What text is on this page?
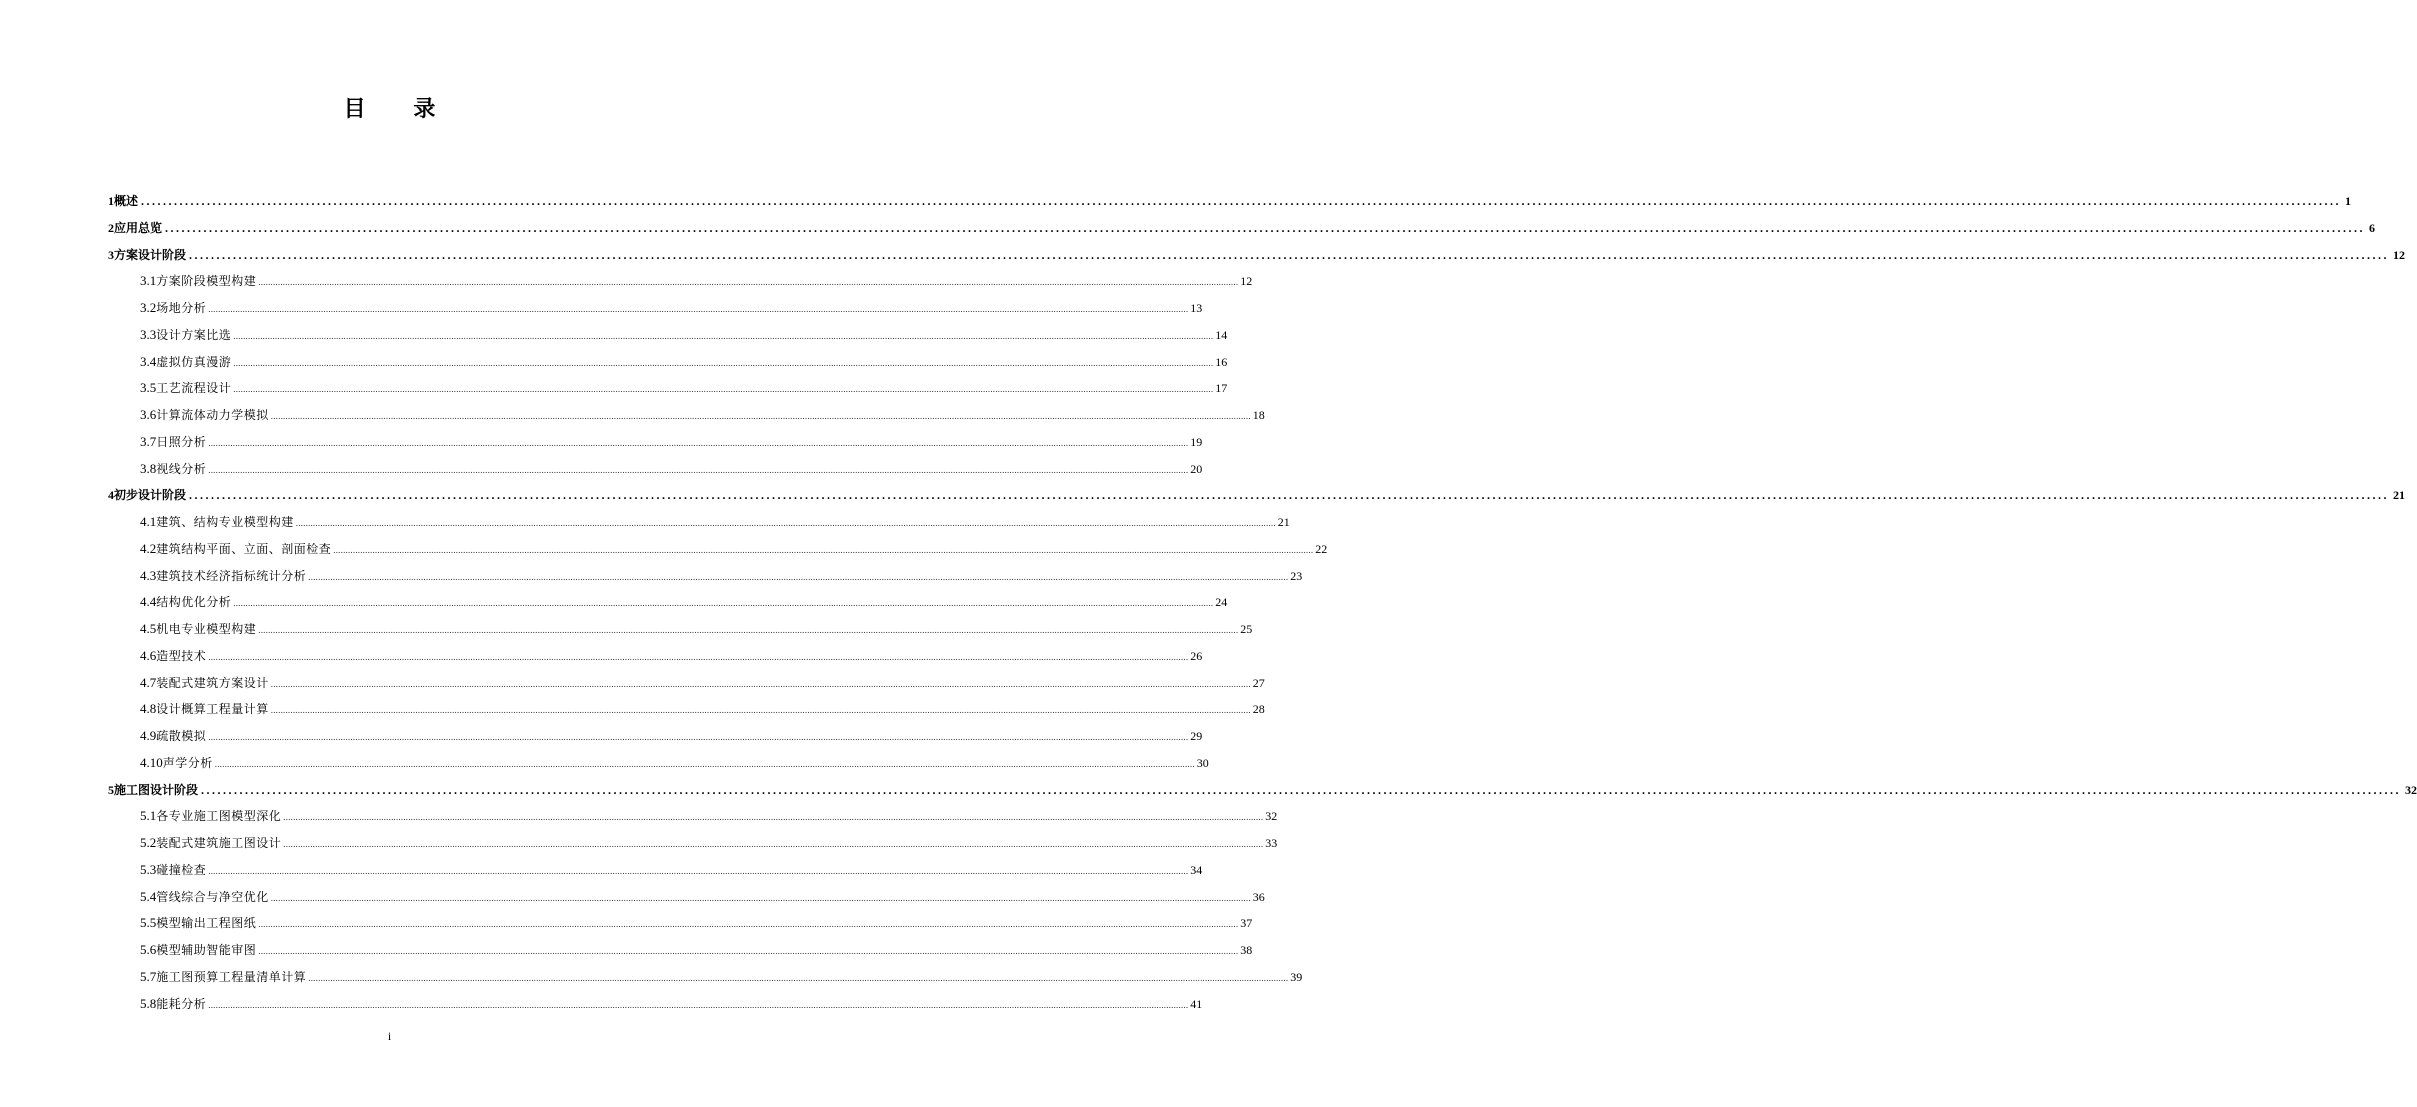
目 录
1 概述 ................................................................................................................................................................................................................................................................................................................................................................................................................ 1
2 应用总览 ................................................................................................................................................................................................................................................................................................................................................................................................................ 6
3 方案设计阶段 ................................................................................................................................................................................................................................................................................................................................................................................................................ 12
3.1 方案阶段模型构建 ................................................................................................................................................................................................................................................................................................................................................................................................................ 12
3.2 场地分析 ................................................................................................................................................................................................................................................................................................................................................................................................................ 13
3.3 设计方案比选 ................................................................................................................................................................................................................................................................................................................................................................................................................ 14
3.4 虚拟仿真漫游 ................................................................................................................................................................................................................................................................................................................................................................................................................ 16
3.5 工艺流程设计 ................................................................................................................................................................................................................................................................................................................................................................................................................ 17
3.6 计算流体动力学模拟 ................................................................................................................................................................................................................................................................................................................................................................................................................ 18
3.7 日照分析 ................................................................................................................................................................................................................................................................................................................................................................................................................ 19
3.8 视线分析 ................................................................................................................................................................................................................................................................................................................................................................................................................ 20
4 初步设计阶段 ................................................................................................................................................................................................................................................................................................................................................................................................................ 21
4.1 建筑、结构专业模型构建 ................................................................................................................................................................................................................................................................................................................................................................................................................ 21
4.2 建筑结构平面、立面、剖面检查 ................................................................................................................................................................................................................................................................................................................................................................................................................ 22
4.3 建筑技术经济指标统计分析 ................................................................................................................................................................................................................................................................................................................................................................................................................ 23
4.4 结构优化分析 ................................................................................................................................................................................................................................................................................................................................................................................................................ 24
4.5 机电专业模型构建 ................................................................................................................................................................................................................................................................................................................................................................................................................ 25
4.6 造型技术 ................................................................................................................................................................................................................................................................................................................................................................................................................ 26
4.7 装配式建筑方案设计 ................................................................................................................................................................................................................................................................................................................................................................................................................ 27
4.8 设计概算工程量计算 ................................................................................................................................................................................................................................................................................................................................................................................................................ 28
4.9 疏散模拟 ................................................................................................................................................................................................................................................................................................................................................................................................................ 29
4.10 声学分析 ................................................................................................................................................................................................................................................................................................................................................................................................................ 30
5 施工图设计阶段 ................................................................................................................................................................................................................................................................................................................................................................................................................ 32
5.1 各专业施工图模型深化 ................................................................................................................................................................................................................................................................................................................................................................................................................ 32
5.2 装配式建筑施工图设计 ................................................................................................................................................................................................................................................................................................................................................................................................................ 33
5.3 碰撞检查 ................................................................................................................................................................................................................................................................................................................................................................................................................ 34
5.4 管线综合与净空优化 ................................................................................................................................................................................................................................................................................................................................................................................................................ 36
5.5 模型输出工程图纸 ................................................................................................................................................................................................................................................................................................................................................................................................................ 37
5.6 模型辅助智能审图 ................................................................................................................................................................................................................................................................................................................................................................................................................ 38
5.7 施工图预算工程量清单计算 ................................................................................................................................................................................................................................................................................................................................................................................................................ 39
5.8 能耗分析 ................................................................................................................................................................................................................................................................................................................................................................................................................ 41
i
